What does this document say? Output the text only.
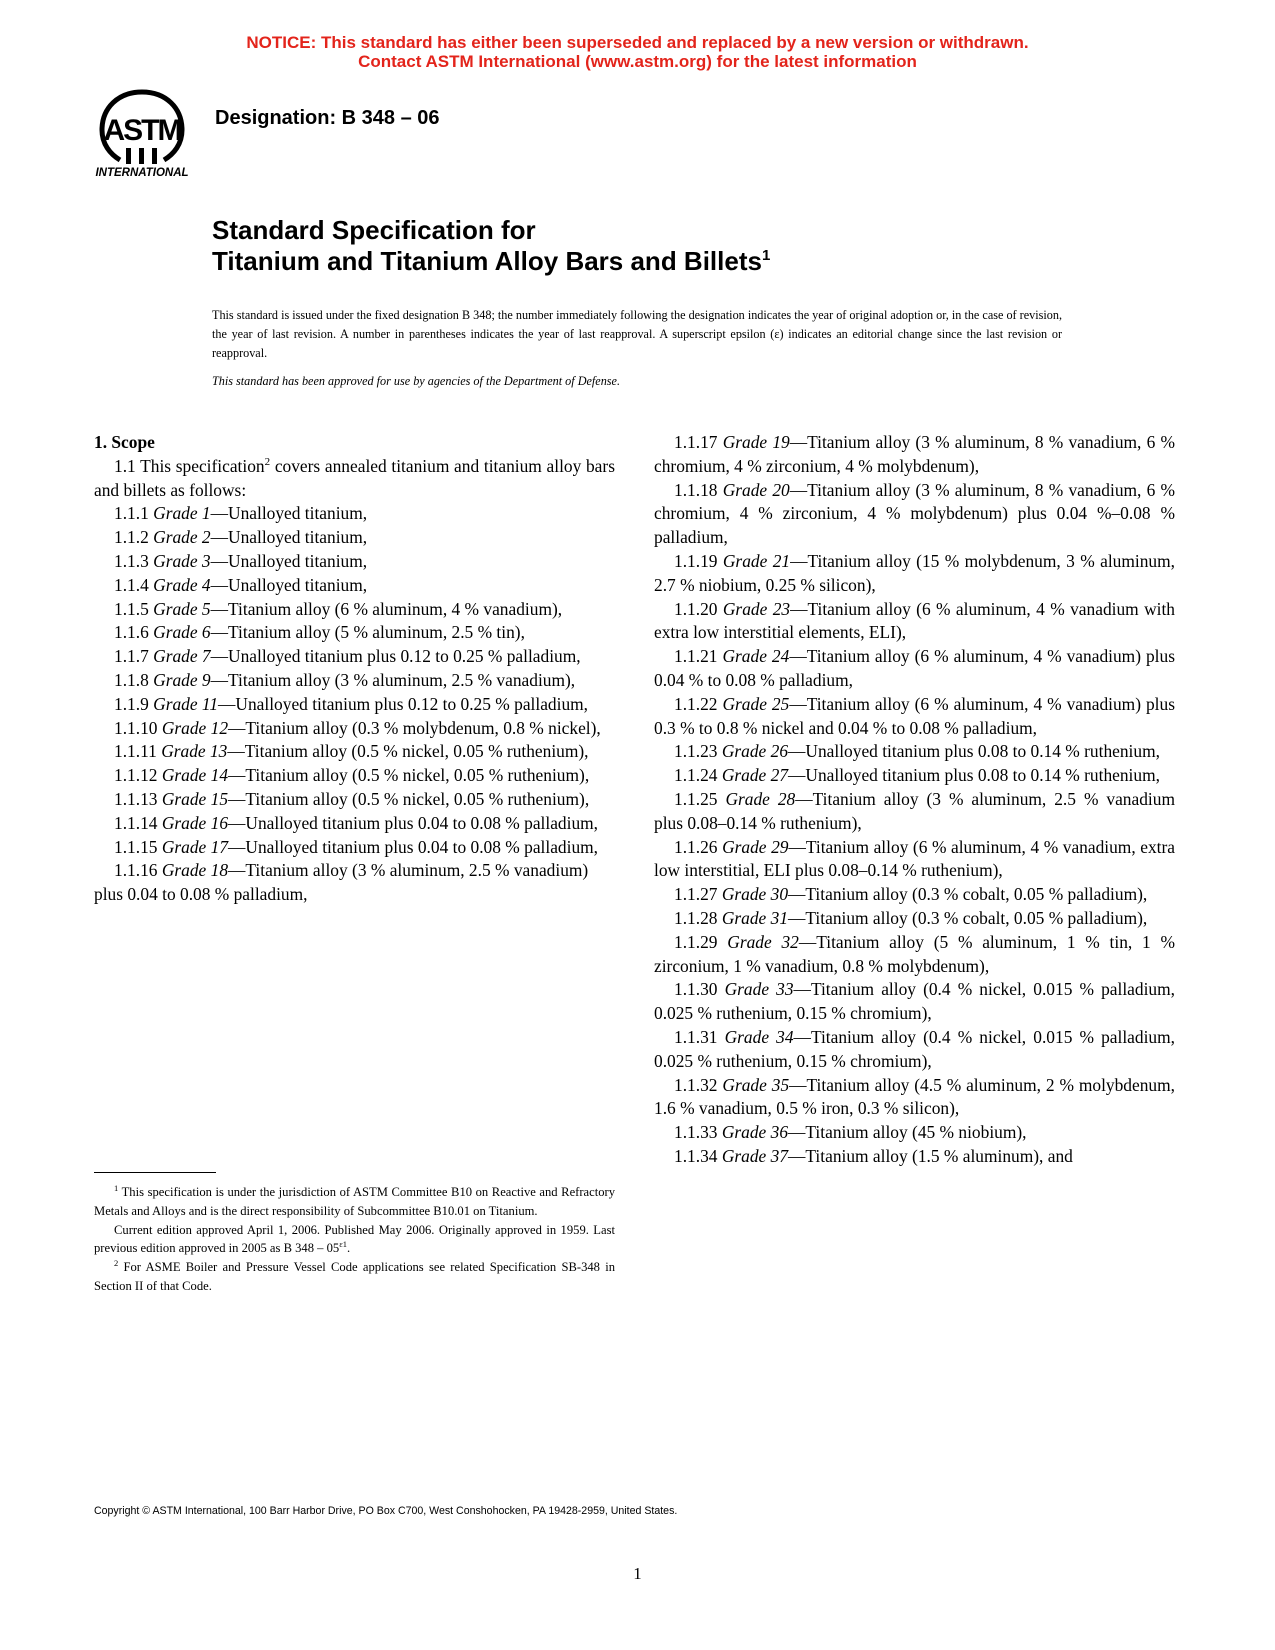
NOTICE: This standard has either been superseded and replaced by a new version or withdrawn.
Contact ASTM International (www.astm.org) for the latest information
ASTM
INTERNATIONAL
Designation: B 348 – 06
Standard Specification for
Titanium and Titanium Alloy Bars and Billets$^1$
This standard is issued under the fixed designation B 348; the number immediately following the designation indicates the year of original adoption or, in the case of revision, the year of last revision. A number in parentheses indicates the year of last reapproval. A superscript epsilon (ε) indicates an editorial change since the last revision or reapproval.
This standard has been approved for use by agencies of the Department of Defense.

1. Scope

1.1 This specification$^2$ covers annealed titanium and titanium alloy bars and billets as follows:

1.1.1 Grade 1—Unalloyed titanium,

1.1.2 Grade 2—Unalloyed titanium,

1.1.3 Grade 3—Unalloyed titanium,

1.1.4 Grade 4—Unalloyed titanium,

1.1.5 Grade 5—Titanium alloy (6 % aluminum, 4 % vanadium),

1.1.6 Grade 6—Titanium alloy (5 % aluminum, 2.5 % tin),

1.1.7 Grade 7—Unalloyed titanium plus 0.12 to 0.25 % palladium,

1.1.8 Grade 9—Titanium alloy (3 % aluminum, 2.5 % vanadium),

1.1.9 Grade 11—Unalloyed titanium plus 0.12 to 0.25 % palladium,

1.1.10 Grade 12—Titanium alloy (0.3 % molybdenum, 0.8 % nickel),

1.1.11 Grade 13—Titanium alloy (0.5 % nickel, 0.05 % ruthenium),

1.1.12 Grade 14—Titanium alloy (0.5 % nickel, 0.05 % ruthenium),

1.1.13 Grade 15—Titanium alloy (0.5 % nickel, 0.05 % ruthenium),

1.1.14 Grade 16—Unalloyed titanium plus 0.04 to 0.08 % palladium,

1.1.15 Grade 17—Unalloyed titanium plus 0.04 to 0.08 % palladium,

1.1.16 Grade 18—Titanium alloy (3 % aluminum, 2.5 % vanadium) plus 0.04 to 0.08 % palladium,

1.1.17 Grade 19—Titanium alloy (3 % aluminum, 8 % vanadium, 6 % chromium, 4 % zirconium, 4 % molybdenum),

1.1.18 Grade 20—Titanium alloy (3 % aluminum, 8 % vanadium, 6 % chromium, 4 % zirconium, 4 % molybdenum) plus 0.04 %–0.08 % palladium,

1.1.19 Grade 21—Titanium alloy (15 % molybdenum, 3 % aluminum, 2.7 % niobium, 0.25 % silicon),

1.1.20 Grade 23—Titanium alloy (6 % aluminum, 4 % vanadium with extra low interstitial elements, ELI),

1.1.21 Grade 24—Titanium alloy (6 % aluminum, 4 % vanadium) plus 0.04 % to 0.08 % palladium,

1.1.22 Grade 25—Titanium alloy (6 % aluminum, 4 % vanadium) plus 0.3 % to 0.8 % nickel and 0.04 % to 0.08 % palladium,

1.1.23 Grade 26—Unalloyed titanium plus 0.08 to 0.14 % ruthenium,

1.1.24 Grade 27—Unalloyed titanium plus 0.08 to 0.14 % ruthenium,

1.1.25 Grade 28—Titanium alloy (3 % aluminum, 2.5 % vanadium plus 0.08–0.14 % ruthenium),

1.1.26 Grade 29—Titanium alloy (6 % aluminum, 4 % vanadium, extra low interstitial, ELI plus 0.08–0.14 % ruthenium),

1.1.27 Grade 30—Titanium alloy (0.3 % cobalt, 0.05 % palladium),

1.1.28 Grade 31—Titanium alloy (0.3 % cobalt, 0.05 % palladium),

1.1.29 Grade 32—Titanium alloy (5 % aluminum, 1 % tin, 1 % zirconium, 1 % vanadium, 0.8 % molybdenum),

1.1.30 Grade 33—Titanium alloy (0.4 % nickel, 0.015 % palladium, 0.025 % ruthenium, 0.15 % chromium),

1.1.31 Grade 34—Titanium alloy (0.4 % nickel, 0.015 % palladium, 0.025 % ruthenium, 0.15 % chromium),

1.1.32 Grade 35—Titanium alloy (4.5 % aluminum, 2 % molybdenum, 1.6 % vanadium, 0.5 % iron, 0.3 % silicon),

1.1.33 Grade 36—Titanium alloy (45 % niobium),

1.1.34 Grade 37—Titanium alloy (1.5 % aluminum), and

$^1$ This specification is under the jurisdiction of ASTM Committee B10 on Reactive and Refractory Metals and Alloys and is the direct responsibility of Subcommittee B10.01 on Titanium.

Current edition approved April 1, 2006. Published May 2006. Originally approved in 1959. Last previous edition approved in 2005 as B $348 - 05^{\varepsilon 1}$.

$^2$ For ASME Boiler and Pressure Vessel Code applications see related Specification SB-348 in Section II of that Code.

Copyright © ASTM International, 100 Barr Harbor Drive, PO Box C700, West Conshohocken, PA 19428-2959, United States.
1
